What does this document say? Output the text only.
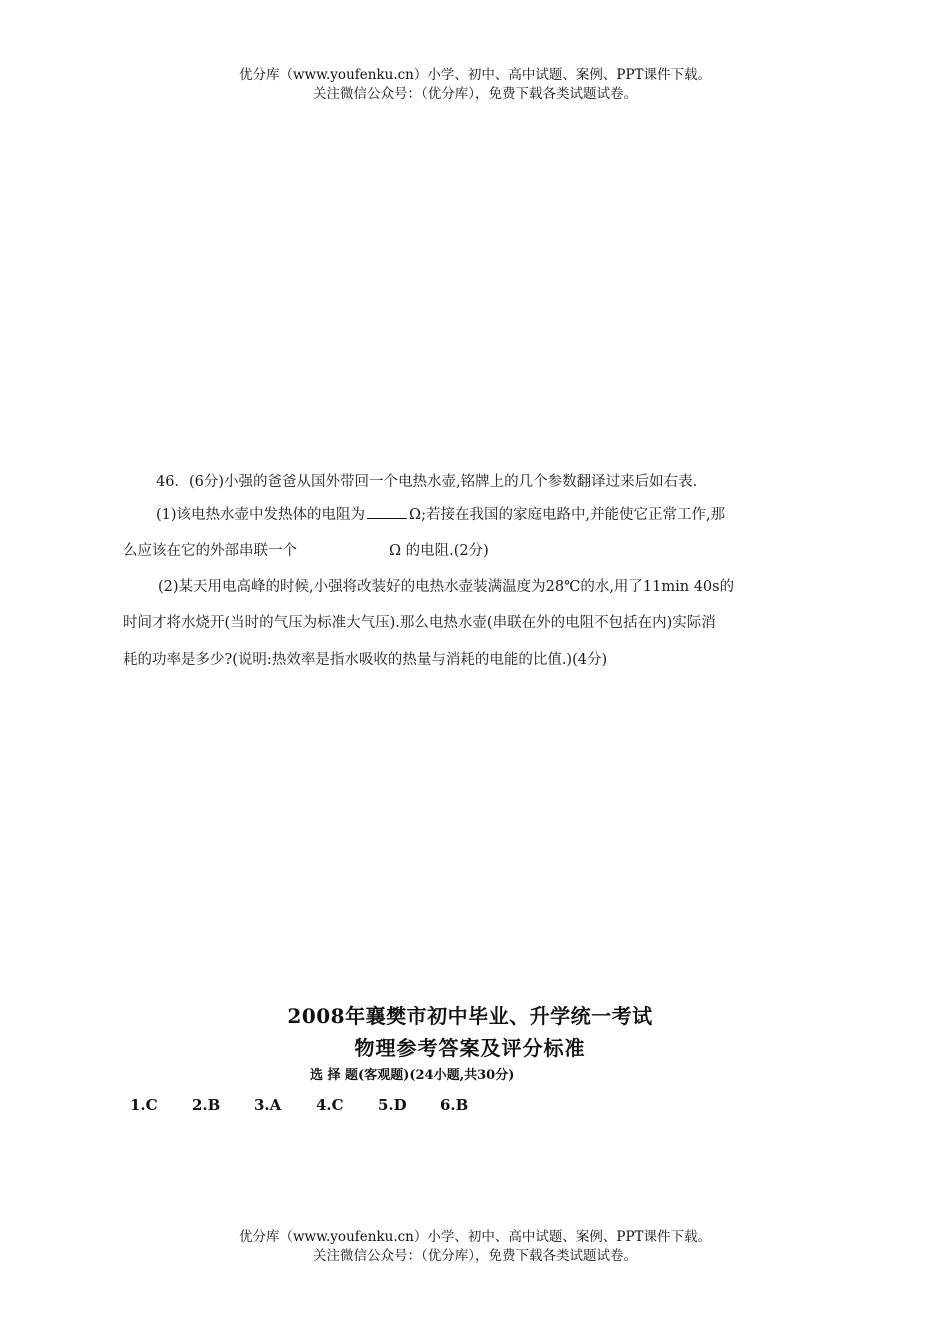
优分库（www.youfenku.cn）小学、初中、高中试题、案例、PPT课件下载。
关注微信公众号：（优分库），免费下载各类试题试卷。

46．(6分)小强的爸爸从国外带回一个电热水壶,铭牌上的几个参数翻译过来后如右表.

(1)该电热水壶中发热体的电阻为	Ω;若接在我国的家庭电路中,并能使它正常工作,那

么应该在它的外部串联一个	Ω 的电阻.(2分)

(2)某天用电高峰的时候,小强将改装好的电热水壶装满温度为28℃的水,用了11min 40s的

时间才将水烧开(当时的气压为标准大气压).那么电热水壶(串联在外的电阻不包括在内)实际消

耗的功率是多少?(说明:热效率是指水吸收的热量与消耗的电能的比值.)(4分)

2008年襄樊市初中毕业、升学统一考试
物理参考答案及评分标准
选 择 题(客观题)(24小题,共30分)
1.C 2.B 3.A 4.C 5.D 6.B
优分库（www.youfenku.cn）小学、初中、高中试题、案例、PPT课件下载。
关注微信公众号：（优分库），免费下载各类试题试卷。
